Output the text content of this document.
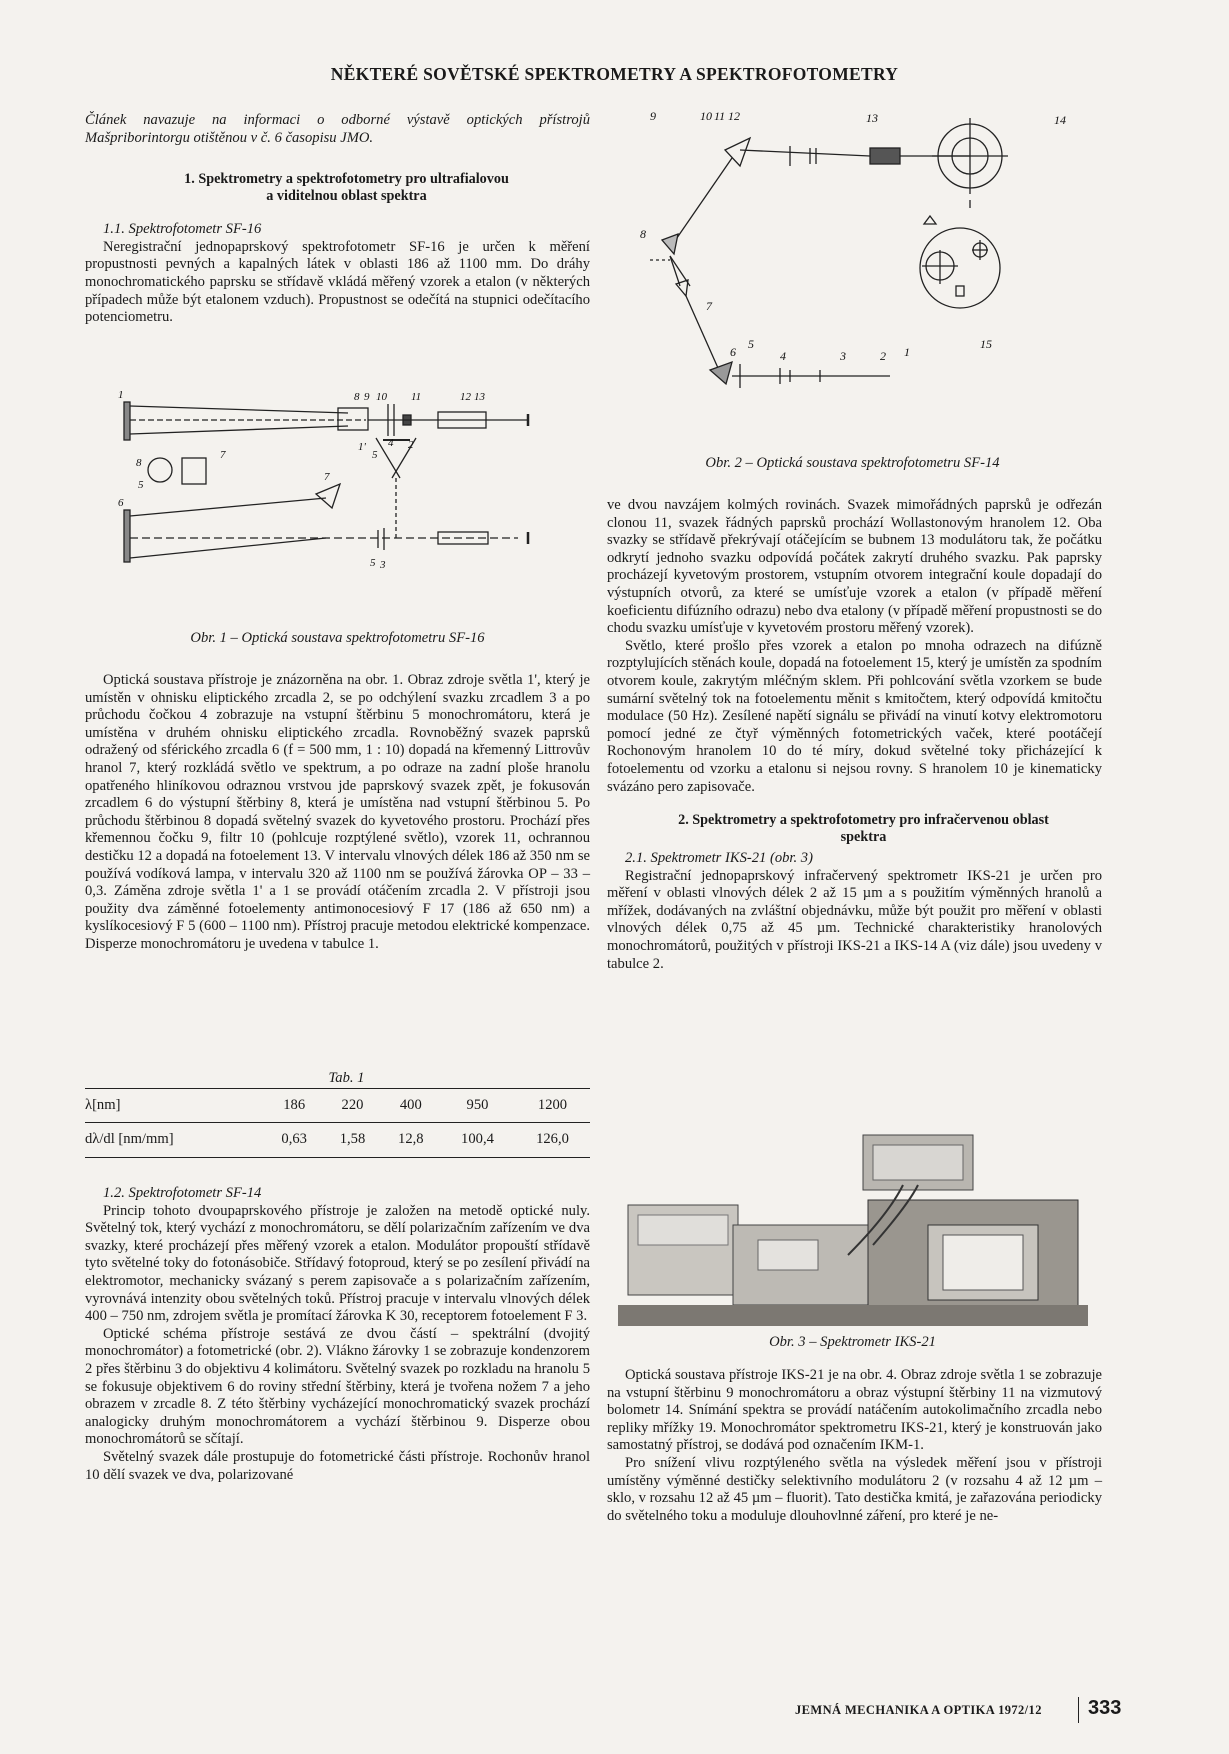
NĚKTERÉ SOVĚTSKÉ SPEKTROMETRY A SPEKTROFOTOMETRY

Článek navazuje na informaci o odborné výstavě optických přístrojů Mašpriborintorgu otištěnou v č. 6 časopisu JMO.

1. Spektrometry a spektrofotometry pro ultrafialovou

a viditelnou oblast spektra

1.1. Spektrofotometr SF-16

Neregistrační jednopaprskový spektrofotometr SF-16 je určen k měření propustnosti pevných a kapalných látek v oblasti 186 až 1100 mm. Do dráhy monochromatického paprsku se střídavě vkládá měřený vzorek a etalon (v některých případech může být etalonem vzduch). Propustnost se odečítá na stupnici odečítacího potenciometru.

1	8 9 10 11	12 13
1'	2
4
5
7
8
5
6
7
5 3
Obr. 1 – Optická soustava spektrofotometru SF-16

Optická soustava přístroje je znázorněna na obr. 1. Obraz zdroje světla 1', který je umístěn v ohnisku eliptického zrcadla 2, se po odchýlení svazku zrcadlem 3 a po průchodu čočkou 4 zobrazuje na vstupní štěrbinu 5 monochromátoru, která je umístěna v druhém ohnisku eliptického zrcadla. Rovnoběžný svazek paprsků odražený od sférického zrcadla 6 (f = 500 mm, 1 : 10) dopadá na křemenný Littrovův hranol 7, který rozkládá světlo ve spektrum, a po odraze na zadní ploše hranolu opatřeného hliníkovou odraznou vrstvou jde paprskový svazek zpět, je fokusován zrcadlem 6 do výstupní štěrbiny 8, která je umístěna nad vstupní štěrbinou 5. Po průchodu štěrbinou 8 dopadá světelný svazek do kyvetového prostoru. Prochází přes křemennou čočku 9, filtr 10 (pohlcuje rozptýlené světlo), vzorek 11, ochrannou destičku 12 a dopadá na fotoelement 13. V intervalu vlnových délek 186 až 350 nm se používá vodíková lampa, v intervalu 320 až 1100 nm se používá žárovka OP – 33 – 0,3. Záměna zdroje světla 1' a 1 se provádí otáčením zrcadla 2. V přístroji jsou použity dva záměnné fotoelementy antimonocesiový F 17 (186 až 650 nm) a kyslíkocesiový F 5 (600 – 1100 nm). Přístroj pracuje metodou elektrické kompenzace. Disperze monochromátoru je uvedena v tabulce 1.

Tab. 1

λ[nm]	186	220	400	950	1200
dλ/dl [nm/mm]	0,63	1,58	12,8	100,4	126,0

1.2. Spektrofotometr SF-14

Princip tohoto dvoupaprskového přístroje je založen na metodě optické nuly. Světelný tok, který vychází z monochromátoru, se dělí polarizačním zařízením ve dva svazky, které procházejí přes měřený vzorek a etalon. Modulátor propouští střídavě tyto světelné toky do fotonásobiče. Střídavý fotoproud, který se po zesílení přivádí na elektromotor, mechanicky svázaný s perem zapisovače a s polarizačním zařízením, vyrovnává intenzity obou světelných toků. Přístroj pracuje v intervalu vlnových délek 400 – 750 nm, zdrojem světla je promítací žárovka K 30, receptorem fotoelement F 3.

Optické schéma přístroje sestává ze dvou částí – spektrální (dvojitý monochromátor) a fotometrické (obr. 2). Vlákno žárovky 1 se zobrazuje kondenzorem 2 přes štěrbinu 3 do objektivu 4 kolimátoru. Světelný svazek po rozkladu na hranolu 5 se fokusuje objektivem 6 do roviny střední štěrbiny, která je tvořena nožem 7 a jeho obrazem v zrcadle 8. Z této štěrbiny vycházející monochromatický svazek prochází analogicky druhým monochromátorem a vychází štěrbinou 9. Disperze obou monochromátorů se sčítají.

Světelný svazek dále prostupuje do fotometrické části přístroje. Rochonův hranol 10 dělí svazek ve dva, polarizované

9	10 11 12	13	14
8
7
6
5
4	3	2 1
15
Obr. 2 – Optická soustava spektrofotometru SF-14

ve dvou navzájem kolmých rovinách. Svazek mimořádných paprsků je odřezán clonou 11, svazek řádných paprsků prochází Wollastonovým hranolem 12. Oba svazky se střídavě překrývají otáčejícím se bubnem 13 modulátoru tak, že počátku odkrytí jednoho svazku odpovídá počátek zakrytí druhého svazku. Pak paprsky procházejí kyvetovým prostorem, vstupním otvorem integrační koule dopadají do výstupních otvorů, za které se umísťuje vzorek a etalon (v případě měření koeficientu difúzního odrazu) nebo dva etalony (v případě měření propustnosti se do chodu svazku umísťuje v kyvetovém prostoru měřený vzorek).

Světlo, které prošlo přes vzorek a etalon po mnoha odrazech na difúzně rozptylujících stěnách koule, dopadá na fotoelement 15, který je umístěn za spodním otvorem koule, zakrytým mléčným sklem. Při pohlcování světla vzorkem se bude sumární světelný tok na fotoelementu měnit s kmitočtem, který odpovídá kmitočtu modulace (50 Hz). Zesílené napětí signálu se přivádí na vinutí kotvy elektromotoru pomocí jedné ze čtyř výměnných fotometrických vaček, které pootáčejí Rochonovým hranolem 10 do té míry, dokud světelné toky přicházející k fotoelementu od vzorku a etalonu si nejsou rovny. S hranolem 10 je kinematicky svázáno pero zapisovače.

2. Spektrometry a spektrofotometry pro infračervenou oblast

spektra

2.1. Spektrometr IKS-21 (obr. 3)

Registrační jednopaprskový infračervený spektrometr IKS-21 je určen pro měření v oblasti vlnových délek 2 až 15 µm a s použitím výměnných hranolů a mřížek, dodávaných na zvláštní objednávku, může být použit pro měření v oblasti vlnových délek 0,75 až 45 µm. Technické charakteristiky hranolových monochromátorů, použitých v přístroji IKS-21 a IKS-14 A (viz dále) jsou uvedeny v tabulce 2.

Obr. 3 – Spektrometr IKS-21

Optická soustava přístroje IKS-21 je na obr. 4. Obraz zdroje světla 1 se zobrazuje na vstupní štěrbinu 9 monochromátoru a obraz výstupní štěrbiny 11 na vizmutový bolometr 14. Snímání spektra se provádí natáčením autokolimačního zrcadla nebo repliky mřížky 19. Monochromátor spektrometru IKS-21, který je konstruován jako samostatný přístroj, se dodává pod označením IKM-1.

Pro snížení vlivu rozptýleného světla na výsledek měření jsou v přístroji umístěny výměnné destičky selektivního modulátoru 2 (v rozsahu 4 až 12 µm – sklo, v rozsahu 12 až 45 µm – fluorit). Tato destička kmitá, je zařazována periodicky do světelného toku a moduluje dlouhovlnné záření, pro které je ne-

JEMNÁ MECHANIKA A OPTIKA 1972/12 333
